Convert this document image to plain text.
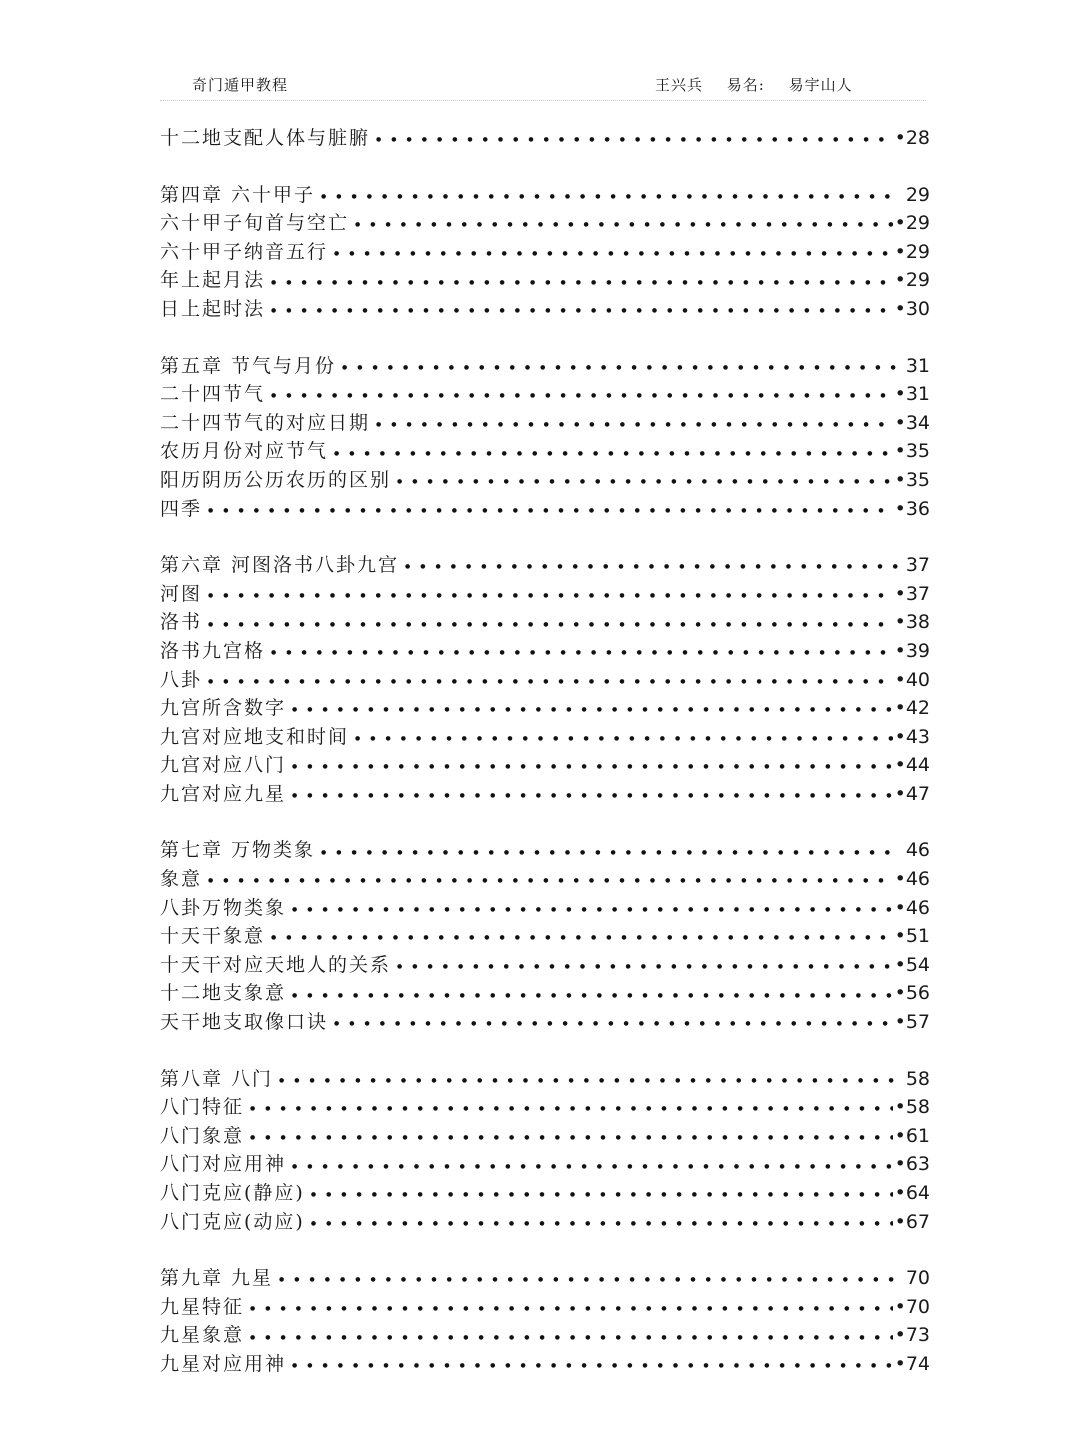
奇门遁甲教程	王兴兵 易名: 易宇山人
十二地支配人体与脏腑 ●●●●●●●●●●●●●●●●●●●●●●●●●●●●●●●●●●●●●●●●●●●●●●●●●●●●●●●●●●●●●●●●●●●●●●	•28
第四章 六十甲子 ●●●●●●●●●●●●●●●●●●●●●●●●●●●●●●●●●●●●●●●●●●●●●●●●●●●●●●●●●●●●●●●●●●●●●●	29
六十甲子旬首与空亡 ●●●●●●●●●●●●●●●●●●●●●●●●●●●●●●●●●●●●●●●●●●●●●●●●●●●●●●●●●●●●●●●●●●●●●●	•29
六十甲子纳音五行 ●●●●●●●●●●●●●●●●●●●●●●●●●●●●●●●●●●●●●●●●●●●●●●●●●●●●●●●●●●●●●●●●●●●●●●	•29
年上起月法 ●●●●●●●●●●●●●●●●●●●●●●●●●●●●●●●●●●●●●●●●●●●●●●●●●●●●●●●●●●●●●●●●●●●●●●	•29
日上起时法 ●●●●●●●●●●●●●●●●●●●●●●●●●●●●●●●●●●●●●●●●●●●●●●●●●●●●●●●●●●●●●●●●●●●●●●	•30
第五章 节气与月份 ●●●●●●●●●●●●●●●●●●●●●●●●●●●●●●●●●●●●●●●●●●●●●●●●●●●●●●●●●●●●●●●●●●●●●●	31
二十四节气 ●●●●●●●●●●●●●●●●●●●●●●●●●●●●●●●●●●●●●●●●●●●●●●●●●●●●●●●●●●●●●●●●●●●●●●	•31
二十四节气的对应日期 ●●●●●●●●●●●●●●●●●●●●●●●●●●●●●●●●●●●●●●●●●●●●●●●●●●●●●●●●●●●●●●●●●●●●●●	•34
农历月份对应节气 ●●●●●●●●●●●●●●●●●●●●●●●●●●●●●●●●●●●●●●●●●●●●●●●●●●●●●●●●●●●●●●●●●●●●●●	•35
阳历阴历公历农历的区别 ●●●●●●●●●●●●●●●●●●●●●●●●●●●●●●●●●●●●●●●●●●●●●●●●●●●●●●●●●●●●●●●●●●●●●●	•35
四季 ●●●●●●●●●●●●●●●●●●●●●●●●●●●●●●●●●●●●●●●●●●●●●●●●●●●●●●●●●●●●●●●●●●●●●●	•36
第六章 河图洛书八卦九宫 ●●●●●●●●●●●●●●●●●●●●●●●●●●●●●●●●●●●●●●●●●●●●●●●●●●●●●●●●●●●●●●●●●●●●●●	37
河图 ●●●●●●●●●●●●●●●●●●●●●●●●●●●●●●●●●●●●●●●●●●●●●●●●●●●●●●●●●●●●●●●●●●●●●●	•37
洛书 ●●●●●●●●●●●●●●●●●●●●●●●●●●●●●●●●●●●●●●●●●●●●●●●●●●●●●●●●●●●●●●●●●●●●●●	•38
洛书九宫格 ●●●●●●●●●●●●●●●●●●●●●●●●●●●●●●●●●●●●●●●●●●●●●●●●●●●●●●●●●●●●●●●●●●●●●●	•39
八卦 ●●●●●●●●●●●●●●●●●●●●●●●●●●●●●●●●●●●●●●●●●●●●●●●●●●●●●●●●●●●●●●●●●●●●●●	•40
九宫所含数字 ●●●●●●●●●●●●●●●●●●●●●●●●●●●●●●●●●●●●●●●●●●●●●●●●●●●●●●●●●●●●●●●●●●●●●●	•42
九宫对应地支和时间 ●●●●●●●●●●●●●●●●●●●●●●●●●●●●●●●●●●●●●●●●●●●●●●●●●●●●●●●●●●●●●●●●●●●●●●	•43
九宫对应八门 ●●●●●●●●●●●●●●●●●●●●●●●●●●●●●●●●●●●●●●●●●●●●●●●●●●●●●●●●●●●●●●●●●●●●●●	•44
九宫对应九星 ●●●●●●●●●●●●●●●●●●●●●●●●●●●●●●●●●●●●●●●●●●●●●●●●●●●●●●●●●●●●●●●●●●●●●●	•47
第七章 万物类象 ●●●●●●●●●●●●●●●●●●●●●●●●●●●●●●●●●●●●●●●●●●●●●●●●●●●●●●●●●●●●●●●●●●●●●●	46
象意 ●●●●●●●●●●●●●●●●●●●●●●●●●●●●●●●●●●●●●●●●●●●●●●●●●●●●●●●●●●●●●●●●●●●●●●	•46
八卦万物类象 ●●●●●●●●●●●●●●●●●●●●●●●●●●●●●●●●●●●●●●●●●●●●●●●●●●●●●●●●●●●●●●●●●●●●●●	•46
十天干象意 ●●●●●●●●●●●●●●●●●●●●●●●●●●●●●●●●●●●●●●●●●●●●●●●●●●●●●●●●●●●●●●●●●●●●●●	•51
十天干对应天地人的关系 ●●●●●●●●●●●●●●●●●●●●●●●●●●●●●●●●●●●●●●●●●●●●●●●●●●●●●●●●●●●●●●●●●●●●●●	•54
十二地支象意 ●●●●●●●●●●●●●●●●●●●●●●●●●●●●●●●●●●●●●●●●●●●●●●●●●●●●●●●●●●●●●●●●●●●●●●	•56
天干地支取像口诀 ●●●●●●●●●●●●●●●●●●●●●●●●●●●●●●●●●●●●●●●●●●●●●●●●●●●●●●●●●●●●●●●●●●●●●●	•57
第八章 八门 ●●●●●●●●●●●●●●●●●●●●●●●●●●●●●●●●●●●●●●●●●●●●●●●●●●●●●●●●●●●●●●●●●●●●●●	58
八门特征 ●●●●●●●●●●●●●●●●●●●●●●●●●●●●●●●●●●●●●●●●●●●●●●●●●●●●●●●●●●●●●●●●●●●●●●	•58
八门象意 ●●●●●●●●●●●●●●●●●●●●●●●●●●●●●●●●●●●●●●●●●●●●●●●●●●●●●●●●●●●●●●●●●●●●●●	•61
八门对应用神 ●●●●●●●●●●●●●●●●●●●●●●●●●●●●●●●●●●●●●●●●●●●●●●●●●●●●●●●●●●●●●●●●●●●●●●	•63
八门克应(静应) ●●●●●●●●●●●●●●●●●●●●●●●●●●●●●●●●●●●●●●●●●●●●●●●●●●●●●●●●●●●●●●●●●●●●●●	•64
八门克应(动应) ●●●●●●●●●●●●●●●●●●●●●●●●●●●●●●●●●●●●●●●●●●●●●●●●●●●●●●●●●●●●●●●●●●●●●●	•67
第九章 九星 ●●●●●●●●●●●●●●●●●●●●●●●●●●●●●●●●●●●●●●●●●●●●●●●●●●●●●●●●●●●●●●●●●●●●●●	70
九星特征 ●●●●●●●●●●●●●●●●●●●●●●●●●●●●●●●●●●●●●●●●●●●●●●●●●●●●●●●●●●●●●●●●●●●●●●	•70
九星象意 ●●●●●●●●●●●●●●●●●●●●●●●●●●●●●●●●●●●●●●●●●●●●●●●●●●●●●●●●●●●●●●●●●●●●●●	•73
九星对应用神 ●●●●●●●●●●●●●●●●●●●●●●●●●●●●●●●●●●●●●●●●●●●●●●●●●●●●●●●●●●●●●●●●●●●●●●	•74
